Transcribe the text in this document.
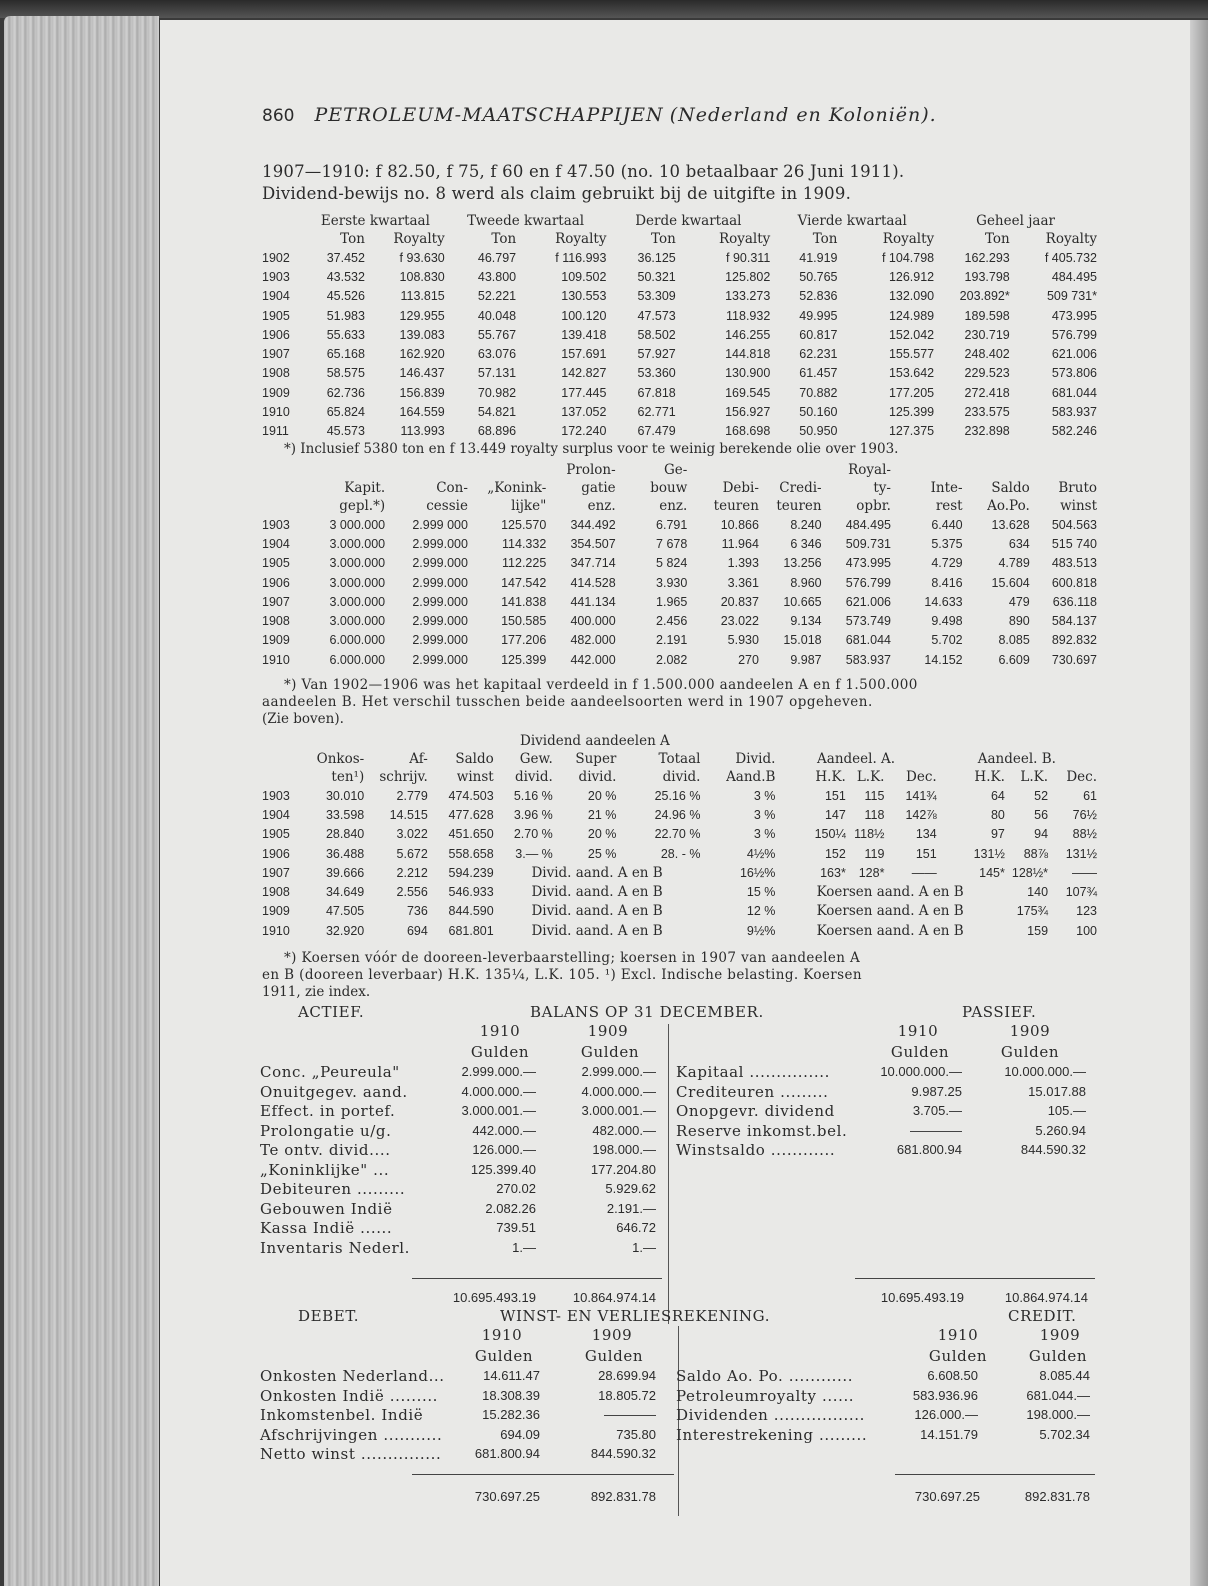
860 PETROLEUM-MAATSCHAPPIJEN (Nederland en Koloniën).
1907—1910: f 82.50, f 75, f 60 en f 47.50 (no. 10 betaalbaar 26 Juni 1911).
Dividend-bewijs no. 8 werd als claim gebruikt bij de uitgifte in 1909.
	Eerste kwartaal		Tweede kwartaal		Derde kwartaal		Vierde kwartaal		Geheel jaar	
	Ton	Royalty	Ton	Royalty	Ton	Royalty	Ton	Royalty	Ton	Royalty
1902	37.452	f 93.630	46.797	f 116.993	36.125	f 90.311	41.919	f 104.798	162.293	f 405.732
1903	43.532	108.830	43.800	109.502	50.321	125.802	50.765	126.912	193.798	484.495
1904	45.526	113.815	52.221	130.553	53.309	133.273	52.836	132.090	203.892*	509 731*
1905	51.983	129.955	40.048	100.120	47.573	118.932	49.995	124.989	189.598	473.995
1906	55.633	139.083	55.767	139.418	58.502	146.255	60.817	152.042	230.719	576.799
1907	65.168	162.920	63.076	157.691	57.927	144.818	62.231	155.577	248.402	621.006
1908	58.575	146.437	57.131	142.827	53.360	130.900	61.457	153.642	229.523	573.806
1909	62.736	156.839	70.982	177.445	67.818	169.545	70.882	177.205	272.418	681.044
1910	65.824	164.559	54.821	137.052	62.771	156.927	50.160	125.399	233.575	583.937
1911	45.573	113.993	68.896	172.240	67.479	168.698	50.950	127.375	232.898	582.246
*) Inclusief 5380 ton en f 13.449 royalty surplus voor te weinig berekende olie over 1903.
				Prolon-	Ge-			Royal-			
	Kapit.	Con-	„Konink-	gatie	bouw	Debi-	Credi-	ty-	Inte-	Saldo	Bruto
	gepl.*)	cessie	lijke"	enz.	enz.	teuren	teuren	opbr.	rest	Ao.Po.	winst
1903	3 000.000	2.999 000	125.570	344.492	6.791	10.866	8.240	484.495	6.440	13.628	504.563
1904	3.000.000	2.999.000	114.332	354.507	7 678	11.964	6 346	509.731	5.375	634	515 740
1905	3.000.000	2.999.000	112.225	347.714	5 824	1.393	13.256	473.995	4.729	4.789	483.513
1906	3.000.000	2.999.000	147.542	414.528	3.930	3.361	8.960	576.799	8.416	15.604	600.818
1907	3.000.000	2.999.000	141.838	441.134	1.965	20.837	10.665	621.006	14.633	479	636.118
1908	3.000.000	2.999.000	150.585	400.000	2.456	23.022	9.134	573.749	9.498	890	584.137
1909	6.000.000	2.999.000	177.206	482.000	2.191	5.930	15.018	681.044	5.702	8.085	892.832
1910	6.000.000	2.999.000	125.399	442.000	2.082	270	9.987	583.937	14.152	6.609	730.697
*) Van 1902—1906 was het kapitaal verdeeld in f 1.500.000 aandeelen A en f 1.500.000
aandeelen B. Het verschil tusschen beide aandeelsoorten werd in 1907 opgeheven.
(Zie boven).
Dividend aandeelen A
	Onkos-	Af-	Saldo	Gew.	Super	Totaal	Divid.	Aandeel. A.			Aandeel. B.		
	ten¹)	schrijv.	winst	divid.	divid.	divid.	Aand.B	H.K.	L.K.	Dec.	H.K.	L.K.	Dec.
1903	30.010	2.779	474.503	5.16 %	20 %	25.16 %	3 %	151	115	141¾	64	52	61
1904	33.598	14.515	477.628	3.96 %	21 %	24.96 %	3 %	147	118	142⅞	80	56	76½
1905	28.840	3.022	451.650	2.70 %	20 %	22.70 %	3 %	150¼	118½	134	97	94	88½
1906	36.488	5.672	558.658	3.— %	25 %	28. - %	4½%	152	119	151	131½	88⅞	131½
1907	39.666	2.212	594.239	Divid. aand. A en B			16½%	163*	128*	——	145*	128½*	——
1908	34.649	2.556	546.933	Divid. aand. A en B			15 %	Koersen aand. A en B				140	107¾
1909	47.505	736	844.590	Divid. aand. A en B			12 %	Koersen aand. A en B				175¾	123
1910	32.920	694	681.801	Divid. aand. A en B			9½%	Koersen aand. A en B				159	100
*) Koersen vóór de dooreen-leverbaarstelling; koersen in 1907 van aandeelen A
en B (dooreen leverbaar) H.K. 135¼, L.K. 105. ¹) Excl. Indische belasting. Koersen
1911, zie index.
ACTIEF.	BALANS OP 31 DECEMBER.	PASSIEF.
1910	1909
Gulden	Gulden
1910	1909
Gulden	Gulden
Conc. „Peureula"	2.999.000.—	2.999.000.—
Onuitgegev. aand.	4.000.000.—	4.000.000.—
Effect. in portef.	3.000.001.—	3.000.001.—
Prolongatie u/g.	442.000.—	482.000.—
Te ontv. divid....	126.000.—	198.000.—
„Koninklijke" ...	125.399.40	177.204.80
Debiteuren .........	270.02	5.929.62
Gebouwen Indië	2.082.26	2.191.—
Kassa Indië ......	739.51	646.72
Inventaris Nederl.	1.—	1.—
Kapitaal ...............	10.000.000.—	10.000.000.—
Crediteuren .........	9.987.25	15.017.88
Onopgevr. dividend	3.705.—	105.—
Reserve inkomst.bel.	————	5.260.94
Winstsaldo ............	681.800.94	844.590.32
10.695.493.19	10.864.974.14	10.695.493.19	10.864.974.14
DEBET.	WINST- EN VERLIESREKENING.	CREDIT.
1910	1909
Gulden	Gulden
1910	1909
Gulden	Gulden
Onkosten Nederland...	14.611.47	28.699.94
Onkosten Indië .........	18.308.39	18.805.72
Inkomstenbel. Indië	15.282.36	————
Afschrijvingen ...........	694.09	735.80
Netto winst ...............	681.800.94	844.590.32
Saldo Ao. Po. ............	6.608.50	8.085.44
Petroleumroyalty ......	583.936.96	681.044.—
Dividenden .................	126.000.—	198.000.—
Interestrekening .........	14.151.79	5.702.34
730.697.25	892.831.78	730.697.25	892.831.78
